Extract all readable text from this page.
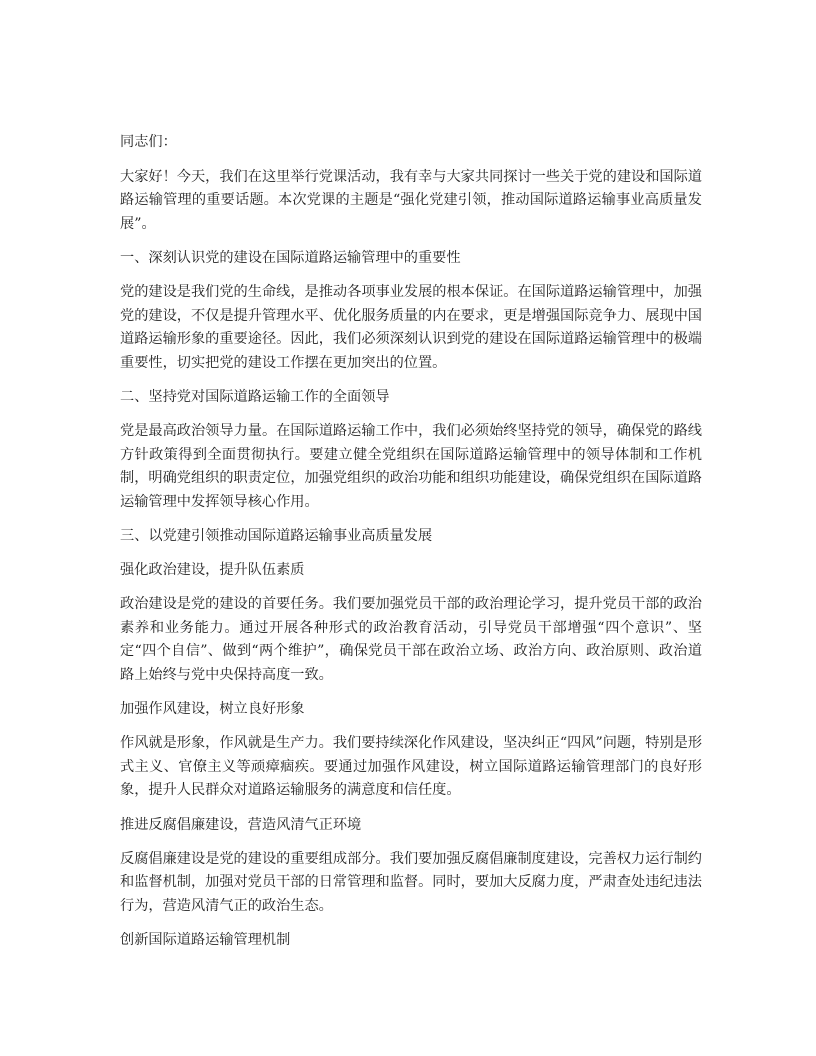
同志们：

大家好！今天，我们在这里举行党课活动，我有幸与大家共同探讨一些关于党的建设和国际道路运输管理的重要话题。本次党课的主题是“强化党建引领，推动国际道路运输事业高质量发展”。

一、深刻认识党的建设在国际道路运输管理中的重要性

党的建设是我们党的生命线，是推动各项事业发展的根本保证。在国际道路运输管理中，加强党的建设，不仅是提升管理水平、优化服务质量的内在要求，更是增强国际竞争力、展现中国道路运输形象的重要途径。因此，我们必须深刻认识到党的建设在国际道路运输管理中的极端重要性，切实把党的建设工作摆在更加突出的位置。

二、坚持党对国际道路运输工作的全面领导

党是最高政治领导力量。在国际道路运输工作中，我们必须始终坚持党的领导，确保党的路线方针政策得到全面贯彻执行。要建立健全党组织在国际道路运输管理中的领导体制和工作机制，明确党组织的职责定位，加强党组织的政治功能和组织功能建设，确保党组织在国际道路运输管理中发挥领导核心作用。

三、以党建引领推动国际道路运输事业高质量发展

强化政治建设，提升队伍素质

政治建设是党的建设的首要任务。我们要加强党员干部的政治理论学习，提升党员干部的政治素养和业务能力。通过开展各种形式的政治教育活动，引导党员干部增强“四个意识”、坚定“四个自信”、做到“两个维护”，确保党员干部在政治立场、政治方向、政治原则、政治道路上始终与党中央保持高度一致。

加强作风建设，树立良好形象

作风就是形象，作风就是生产力。我们要持续深化作风建设，坚决纠正“四风”问题，特别是形式主义、官僚主义等顽瘴痼疾。要通过加强作风建设，树立国际道路运输管理部门的良好形象，提升人民群众对道路运输服务的满意度和信任度。

推进反腐倡廉建设，营造风清气正环境

反腐倡廉建设是党的建设的重要组成部分。我们要加强反腐倡廉制度建设，完善权力运行制约和监督机制，加强对党员干部的日常管理和监督。同时，要加大反腐力度，严肃查处违纪违法行为，营造风清气正的政治生态。

创新国际道路运输管理机制
